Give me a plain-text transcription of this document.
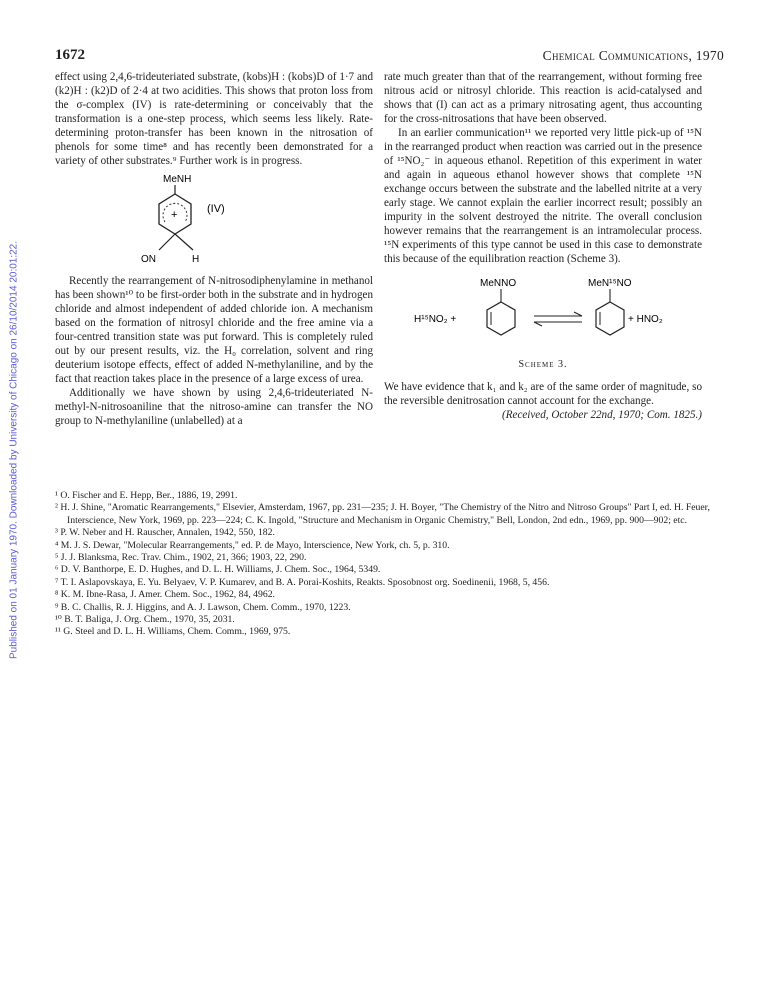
Published on 01 January 1970. Downloaded by University of Chicago on 26/10/2014 20:01:22.
1672	Chemical Communications, 1970

effect using 2,4,6-trideuteriated substrate, (kobs)H : (kobs)D of 1·7 and (k2)H : (k2)D of 2·4 at two acidities. This shows that proton loss from the σ-complex (IV) is rate-determining or conceivably that the transformation is a one-step process, which seems less likely. Rate-determining proton-transfer has been known in the nitrosation of phenols for some time⁸ and has recently been demonstrated for a variety of other substrates.⁹ Further work is in progress.

MeNH
+	(IV)
ON	H

Recently the rearrangement of N-nitrosodiphenylamine in methanol has been shown¹⁰ to be first-order both in the substrate and in hydrogen chloride and almost independent of added chloride ion. A mechanism based on the formation of nitrosyl chloride and the free amine via a four-centred transition state was put forward. This is completely ruled out by our present results, viz. the H₀ correlation, solvent and ring deuterium isotope effects, effect of added N-methylaniline, and by the fact that reaction takes place in the presence of a large excess of urea.

Additionally we have shown by using 2,4,6-trideuteriated N-methyl-N-nitrosoaniline that the nitroso-amine can transfer the NO group to N-methylaniline (unlabelled) at a

rate much greater than that of the rearrangement, without forming free nitrous acid or nitrosyl chloride. This reaction is acid-catalysed and shows that (I) can act as a primary nitrosating agent, thus accounting for the cross-nitrosations that have been observed.

In an earlier communication¹¹ we reported very little pick-up of ¹⁵N in the rearranged product when reaction was carried out in the presence of ¹⁵NO₂⁻ in aqueous ethanol. Repetition of this experiment in water and again in aqueous ethanol however shows that complete ¹⁵N exchange occurs between the substrate and the labelled nitrite at a very early stage. We cannot explain the earlier incorrect result; possibly an impurity in the solvent destroyed the nitrite. The overall conclusion however remains that the rearrangement is an intramolecular process. ¹⁵N experiments of this type cannot be used in this case to demonstrate this because of the equilibration reaction (Scheme 3).

MeNNO
H¹⁵NO₂ +
MeN¹⁵NO
+ HNO₂
Scheme 3.

We have evidence that k₁ and k₂ are of the same order of magnitude, so the reversible denitrosation cannot account for the exchange.

(Received, October 22nd, 1970; Com. 1825.)

¹ O. Fischer and E. Hepp, Ber., 1886, 19, 2991.

² H. J. Shine, "Aromatic Rearrangements," Elsevier, Amsterdam, 1967, pp. 231—235; J. H. Boyer, "The Chemistry of the Nitro and Nitroso Groups" Part I, ed. H. Feuer, Interscience, New York, 1969, pp. 223—224; C. K. Ingold, "Structure and Mechanism in Organic Chemistry," Bell, London, 2nd edn., 1969, pp. 900—902; etc.

³ P. W. Neber and H. Rauscher, Annalen, 1942, 550, 182.

⁴ M. J. S. Dewar, "Molecular Rearrangements," ed. P. de Mayo, Interscience, New York, ch. 5, p. 310.

⁵ J. J. Blanksma, Rec. Trav. Chim., 1902, 21, 366; 1903, 22, 290.

⁶ D. V. Banthorpe, E. D. Hughes, and D. L. H. Williams, J. Chem. Soc., 1964, 5349.

⁷ T. I. Aslapovskaya, E. Yu. Belyaev, V. P. Kumarev, and B. A. Porai-Koshits, Reakts. Sposobnost org. Soedinenii, 1968, 5, 456.

⁸ K. M. Ibne-Rasa, J. Amer. Chem. Soc., 1962, 84, 4962.

⁹ B. C. Challis, R. J. Higgins, and A. J. Lawson, Chem. Comm., 1970, 1223.

¹⁰ B. T. Baliga, J. Org. Chem., 1970, 35, 2031.

¹¹ G. Steel and D. L. H. Williams, Chem. Comm., 1969, 975.
